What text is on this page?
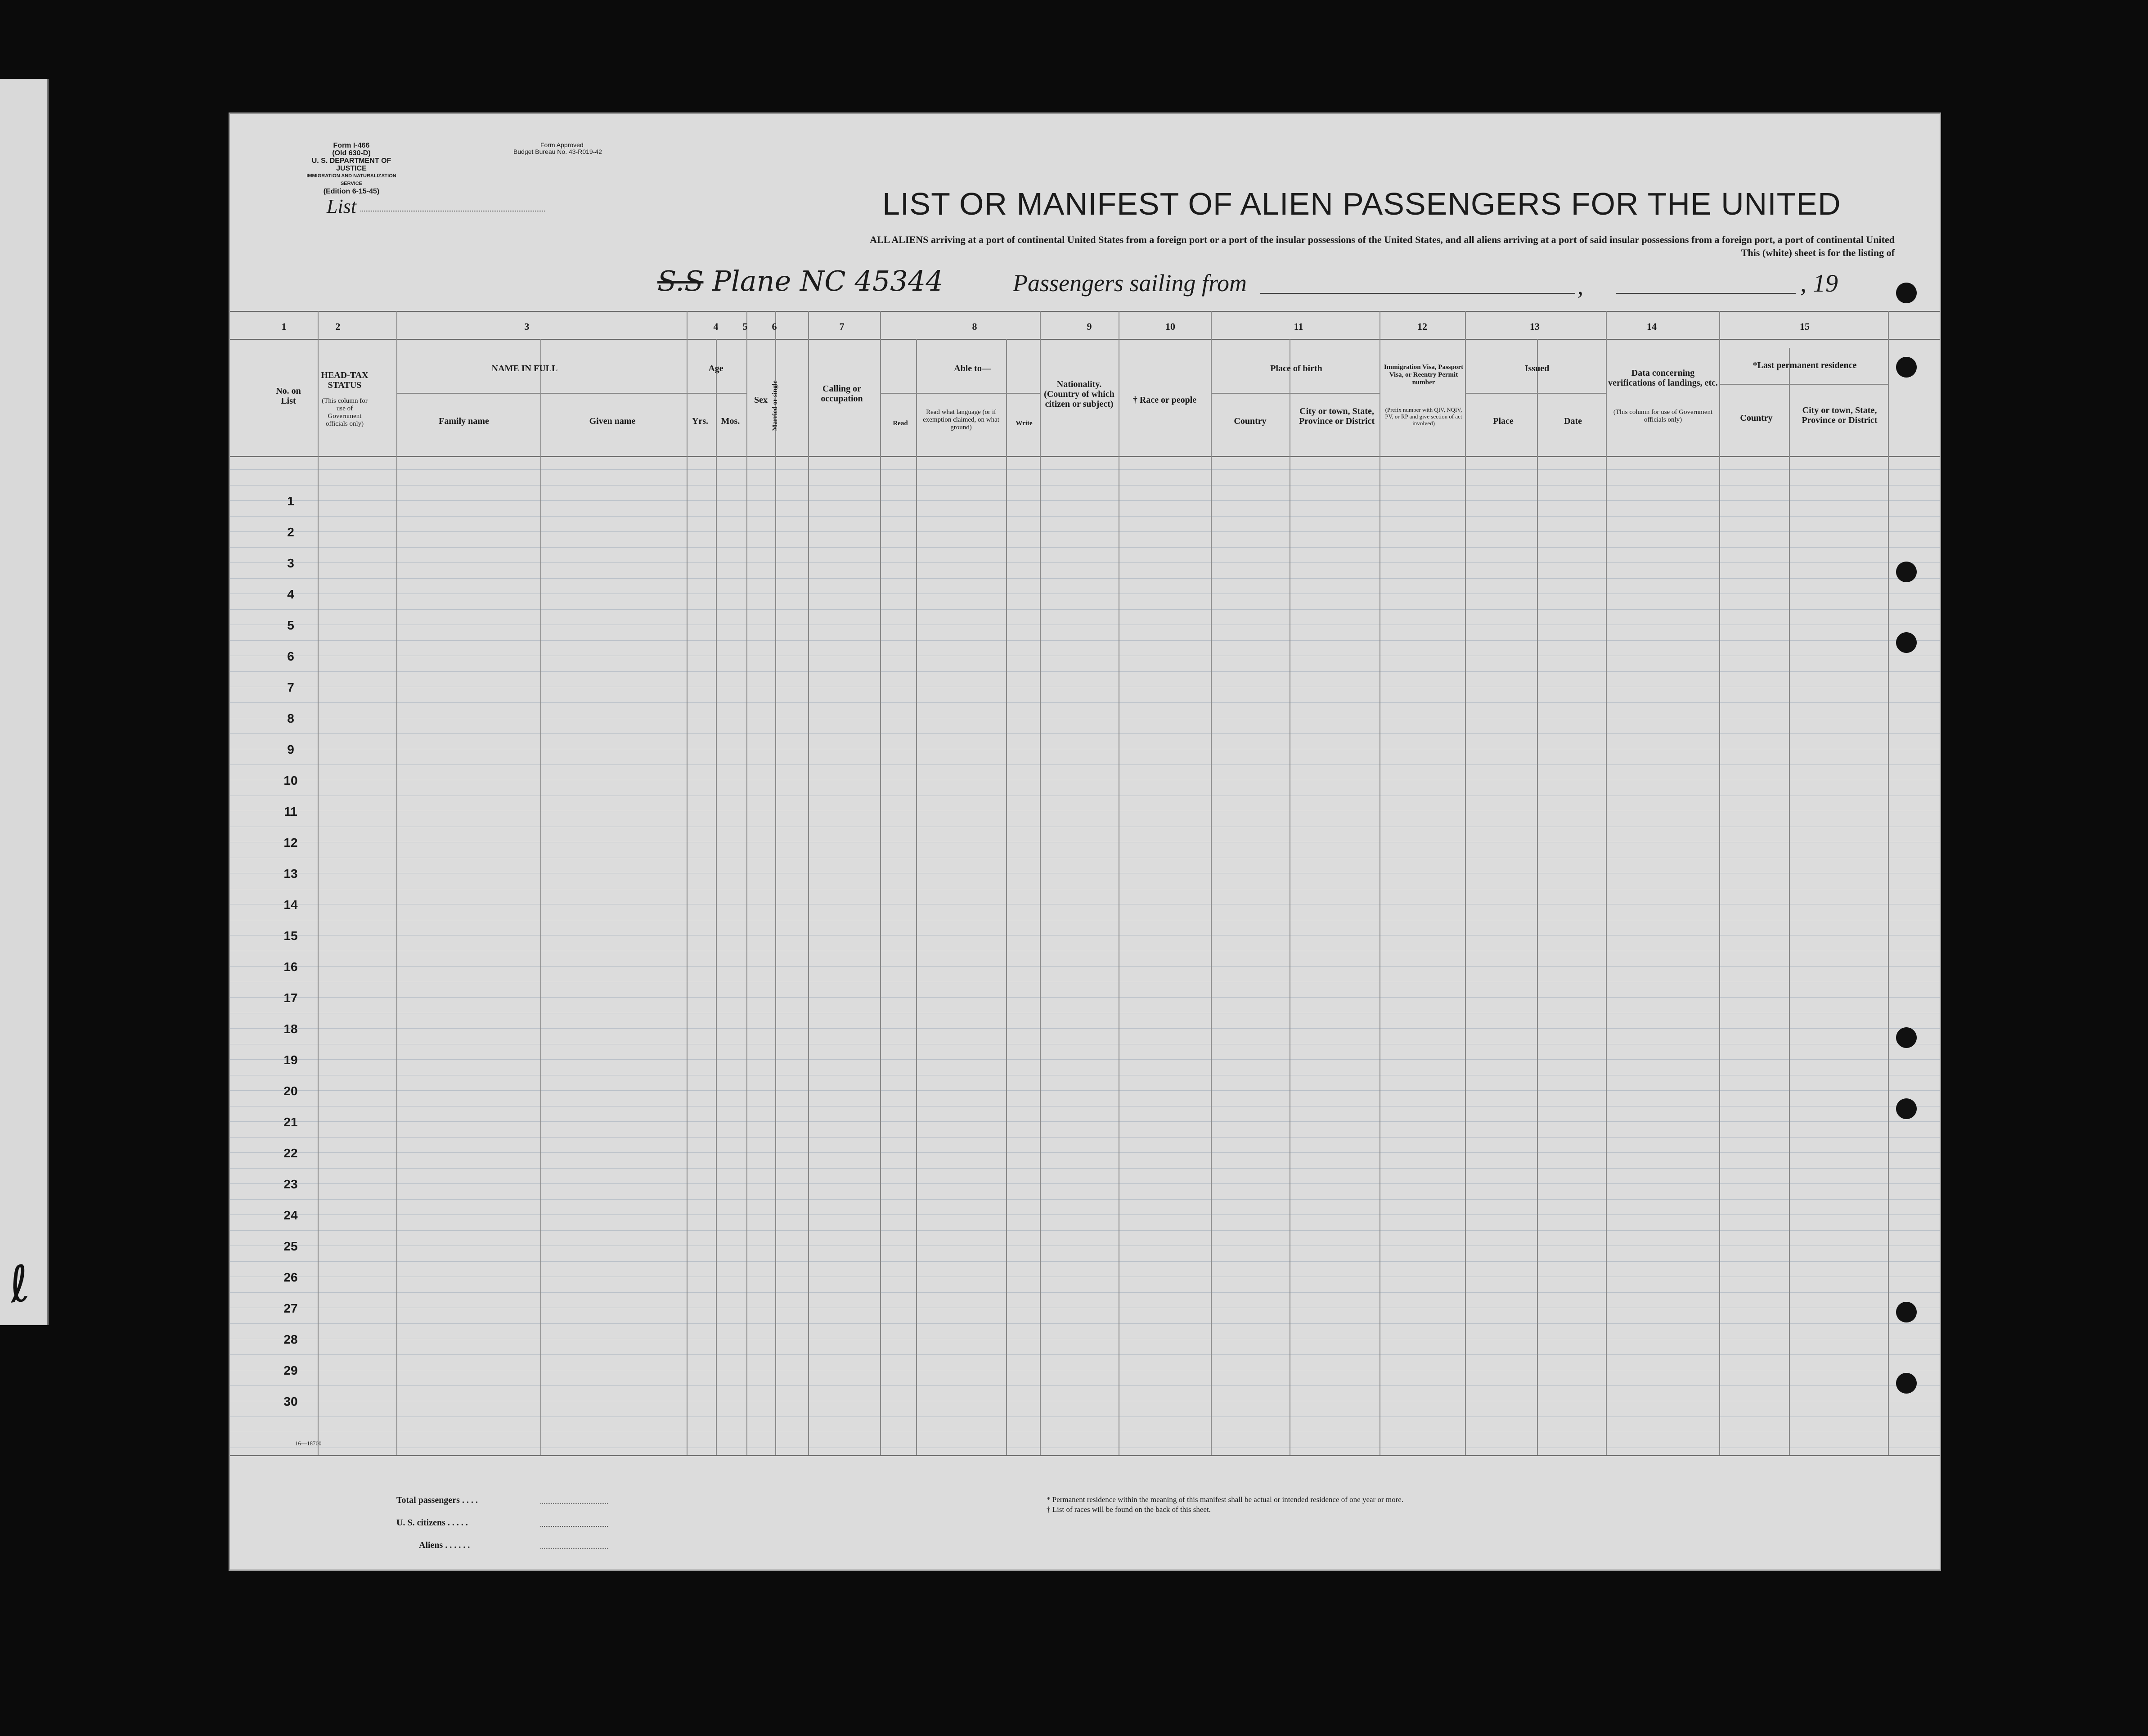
ℓ
Form I-466
(Old 630-D)
U. S. DEPARTMENT OF JUSTICE
IMMIGRATION AND NATURALIZATION SERVICE
(Edition 6-15-45)
Form Approved
Budget Bureau No. 43-R019-42
List	LIST OR MANIFEST OF ALIEN PASSENGERS FOR THE UNITED
ALL ALIENS arriving at a port of continental United States from a foreign port or a port of the insular possessions of the United States, and all aliens arriving at a port of said insular possessions from a foreign port, a port of continental United
This (white) sheet is for the listing of
S.S Plane NC 45344	Passengers sailing from	,	, 19
1	2	3	4	5	6	7	8	9	10	11	12	13	14	15
No. on List
HEAD-TAX STATUS
(This column for use of Government officials only)
NAME IN FULL
Family name	Given name
Age
Yrs.	Mos.
Sex Married or single	Calling or occupation
Able to—
Read
Read what language (or if exemption claimed, on what ground)
Write
Nationality. (Country of which citizen or subject)	† Race or people
Place of birth
Country
City or town, State, Province or District
Immigration Visa, Passport Visa, or Reentry Permit number
(Prefix number with QIV, NQIV, PV, or RP and give section of act involved)
Issued
Place	Date
Data concerning verifications of landings, etc.
(This column for use of Government officials only)
*Last permanent residence
Country
City or town, State, Province or District
1
2
3
4
5
6
7
8
9
10
11
12
13
14
15
16
17
18
19
20
21
22
23
24
25
26
27
28
29
30
16—18700
Total passengers . . . .
U. S. citizens . . . . .
Aliens . . . . . .
* Permanent residence within the meaning of this manifest shall be actual or intended residence of one year or more.
† List of races will be found on the back of this sheet.
